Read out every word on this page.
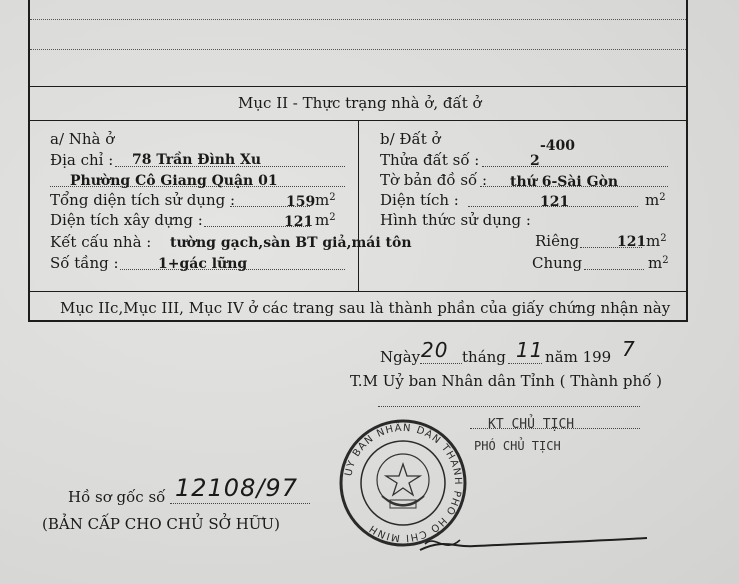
Mục II - Thực trạng nhà ở, đất ở
a/ Nhà ở
Địa chỉ : 78 Trần Đình Xu
Phường Cô Giang Quận 01
Tổng diện tích sử dụng :	159 $m^2$
Diện tích xây dựng :	121 $m^2$
Kết cấu nhà : tường gạch,sàn BT giả,mái tôn
Số tầng :	1+gác lững
b/ Đất ở	-400
Thửa đất số :	2
Tờ bản đồ số : thứ 6-Sài Gòn
Diện tích :	121	$m^2$
Hình thức sử dụng :
Riêng	121 $m^2$
Chung	$m^2$
Mục IIc,Mục III, Mục IV ở các trang sau là thành phần của giấy chứng nhận này
Ngày 20 tháng 11 năm 199 7
T.M Uỷ ban Nhân dân Tỉnh ( Thành phố )
KT CHỦ TỊCH
PHÓ CHỦ TỊCH
UỶ BAN NHÂN DÂN THÀNH PHỐ HỒ CHÍ MINH
Hồ sơ gốc số 12108/97
(BẢN CẤP CHO CHỦ SỞ HỮU)
